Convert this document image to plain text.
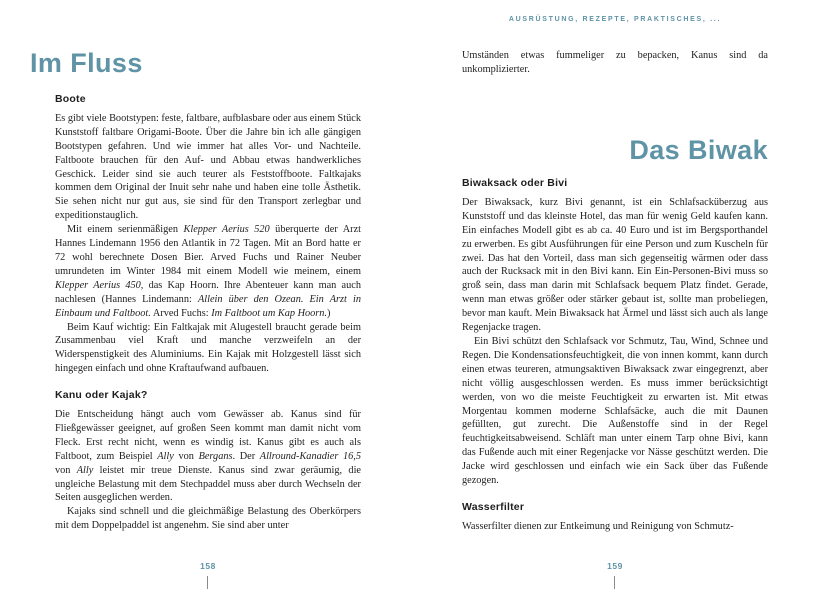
Im Fluss
Boote

Es gibt viele Bootstypen: feste, faltbare, aufblasbare oder aus einem Stück Kunststoff faltbare Origami-Boote. Über die Jahre bin ich alle gängigen Bootstypen gefahren. Und wie immer hat alles Vor- und Nachteile. Faltboote brauchen für den Auf- und Abbau etwas handwerkliches Geschick. Leider sind sie auch teurer als Feststoffboote. Faltkajaks kommen dem Original der Inuit sehr nahe und haben eine tolle Ästhetik. Sie sehen nicht nur gut aus, sie sind für den Transport zerlegbar und expeditionstauglich.

Mit einem serienmäßigen Klepper Aerius 520 überquerte der Arzt Hannes Lindemann 1956 den Atlantik in 72 Tagen. Mit an Bord hatte er 72 wohl berechnete Dosen Bier. Arved Fuchs und Rainer Neuber umrundeten im Winter 1984 mit einem Modell wie meinem, einem Klepper Aerius 450, das Kap Hoorn. Ihre Abenteuer kann man auch nachlesen (Hannes Lindemann: Allein über den Ozean. Ein Arzt in Einbaum und Faltboot. Arved Fuchs: Im Faltboot um Kap Hoorn.)

Beim Kauf wichtig: Ein Faltkajak mit Alugestell braucht gerade beim Zusammenbau viel Kraft und manche verzweifeln an der Widerspenstigkeit des Aluminiums. Ein Kajak mit Holzgestell lässt sich hingegen einfach und ohne Kraftaufwand aufbauen.

Kanu oder Kajak?

Die Entscheidung hängt auch vom Gewässer ab. Kanus sind für Fließgewässer geeignet, auf großen Seen kommt man damit nicht vom Fleck. Erst recht nicht, wenn es windig ist. Kanus gibt es auch als Faltboot, zum Beispiel Ally von Bergans. Der Allround-Kanadier 16,5 von Ally leistet mir treue Dienste. Kanus sind zwar geräumig, die ungleiche Belastung mit dem Stechpaddel muss aber durch Wechseln der Seiten ausgeglichen werden.

Kajaks sind schnell und die gleichmäßige Belastung des Oberkörpers mit dem Doppelpaddel ist angenehm. Sie sind aber unter

158
AUSRÜSTUNG, REZEPTE, PRAKTISCHES, ...

Umständen etwas fummeliger zu bepacken, Kanus sind da unkomplizierter.

Das Biwak
Biwaksack oder Bivi

Der Biwaksack, kurz Bivi genannt, ist ein Schlafsacküberzug aus Kunststoff und das kleinste Hotel, das man für wenig Geld kaufen kann. Ein einfaches Modell gibt es ab ca. 40 Euro und ist im Bergsporthandel zu erwerben. Es gibt Ausführungen für eine Person und zum Kuscheln für zwei. Das hat den Vorteil, dass man sich gegenseitig wärmen oder dass auch der Rucksack mit in den Bivi kann. Ein Ein-Personen-Bivi muss so groß sein, dass man darin mit Schlafsack bequem Platz findet. Gerade, wenn man etwas größer oder stärker gebaut ist, sollte man probeliegen, bevor man kauft. Mein Biwaksack hat Ärmel und lässt sich auch als lange Regenjacke tragen.

Ein Bivi schützt den Schlafsack vor Schmutz, Tau, Wind, Schnee und Regen. Die Kondensationsfeuchtigkeit, die von innen kommt, kann durch einen etwas teureren, atmungsaktiven Biwaksack zwar eingegrenzt, aber nicht völlig ausgeschlossen werden. Es muss immer berücksichtigt werden, von wo die meiste Feuchtigkeit zu erwarten ist. Mit etwas Morgentau kommen moderne Schlafsäcke, auch die mit Daunen gefüllten, gut zurecht. Die Außenstoffe sind in der Regel feuchtigkeitsabweisend. Schläft man unter einem Tarp ohne Bivi, kann das Fußende auch mit einer Regenjacke vor Nässe geschützt werden. Die Jacke wird geschlossen und einfach wie ein Sack über das Fußende gezogen.

Wasserfilter

Wasserfilter dienen zur Entkeimung und Reinigung von Schmutz-

159
